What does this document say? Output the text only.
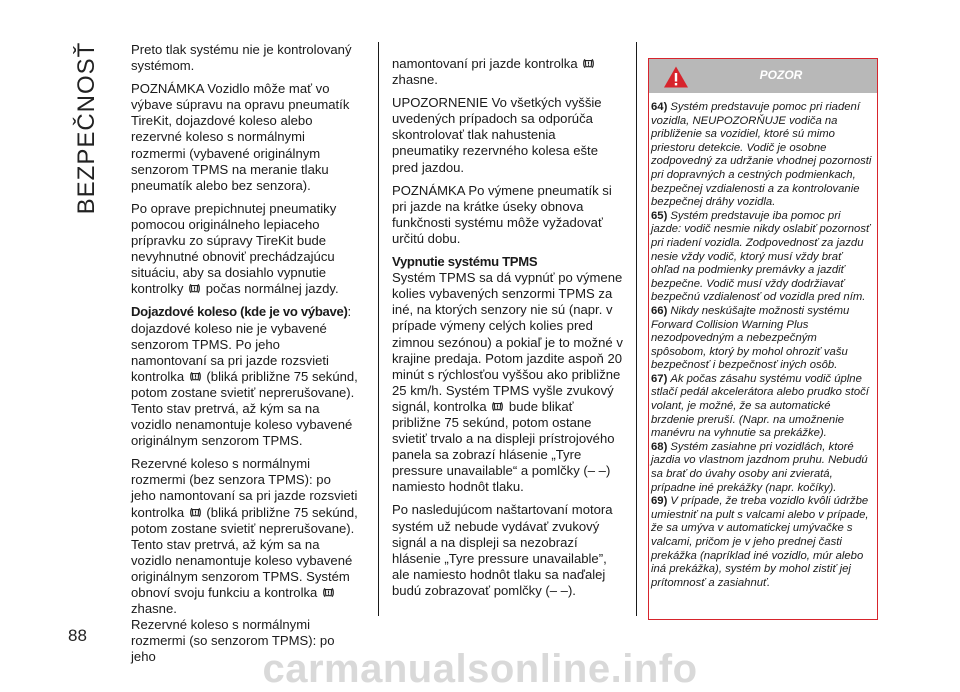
BEZPEČNOSŤ
88

Preto tlak systému nie je kontrolovaný systémom.

POZNÁMKA Vozidlo môže mať vo výbave súpravu na opravu pneumatík TireKit, dojazdové koleso alebo rezervné koleso s normálnymi rozmermi (vybavené originálnym senzorom TPMS na meranie tlaku pneumatík alebo bez senzora).

Po oprave prepichnutej pneumatiky pomocou originálneho lepiaceho prípravku zo súpravy TireKit bude nevyhnutné obnoviť prechádzajúcu situáciu, aby sa dosiahlo vypnutie kontrolky počas normálnej jazdy.

Dojazdové koleso (kde je vo výbave): dojazdové koleso nie je vybavené senzorom TPMS. Po jeho namontovaní sa pri jazde rozsvieti kontrolka (bliká približne 75 sekúnd, potom zostane svietiť neprerušovane).

Tento stav pretrvá, až kým sa na vozidlo nenamontuje koleso vybavené originálnym senzorom TPMS.

Rezervné koleso s normálnymi rozmermi (bez senzora TPMS): po jeho namontovaní sa pri jazde rozsvieti kontrolka (bliká približne 75 sekúnd, potom zostane svietiť neprerušovane).

Tento stav pretrvá, až kým sa na vozidlo nenamontuje koleso vybavené originálnym senzorom TPMS. Systém obnoví svoju funkciu a kontrolka
zhasne.

Rezervné koleso s normálnymi rozmermi (so senzorom TPMS): po jeho

namontovaní pri jazde kontrolka
zhasne.

UPOZORNENIE Vo všetkých vyššie uvedených prípadoch sa odporúča skontrolovať tlak nahustenia pneumatiky rezervného kolesa ešte pred jazdou.

POZNÁMKA Po výmene pneumatík si pri jazde na krátke úseky obnova funkčnosti systému môže vyžadovať určitú dobu.

Vypnutie systému TPMS

Systém TPMS sa dá vypnúť po výmene kolies vybavených senzormi TPMS za iné, na ktorých senzory nie sú (napr. v prípade výmeny celých kolies pred zimnou sezónou) a pokiaľ je to možné v krajine predaja. Potom jazdite aspoň 20 minút s rýchlosťou vyššou ako približne 25 km/h. Systém TPMS vyšle zvukový signál, kontrolka bude blikať približne 75 sekúnd, potom ostane svietiť trvalo a na displeji prístrojového panela sa zobrazí hlásenie „Tyre pressure unavailable“ a pomlčky (– –) namiesto hodnôt tlaku.

Po nasledujúcom naštartovaní motora systém už nebude vydávať zvukový signál a na displeji sa nezobrazí hlásenie „Tyre pressure unavailable”, ale namiesto hodnôt tlaku sa naďalej budú zobrazovať pomlčky (– –).

POZOR

64) Systém predstavuje pomoc pri riadení vozidla, NEUPOZORŇUJE vodiča na približenie sa vozidiel, ktoré sú mimo priestoru detekcie. Vodič je osobne zodpovedný za udržanie vhodnej pozornosti pri dopravných a cestných podmienkach, bezpečnej vzdialenosti a za kontrolovanie bezpečnej dráhy vozidla.

65) Systém predstavuje iba pomoc pri jazde: vodič nesmie nikdy oslabiť pozornosť pri riadení vozidla. Zodpovednosť za jazdu nesie vždy vodič, ktorý musí vždy brať ohľad na podmienky premávky a jazdiť bezpečne. Vodič musí vždy dodržiavať bezpečnú vzdialenosť od vozidla pred ním.

66) Nikdy neskúšajte možnosti systému Forward Collision Warning Plus nezodpovedným a nebezpečným spôsobom, ktorý by mohol ohroziť vašu bezpečnosť i bezpečnosť iných osôb.

67) Ak počas zásahu systému vodič úplne stlačí pedál akcelerátora alebo prudko stočí volant, je možné, že sa automatické brzdenie preruší. (Napr. na umožnenie manévru na vyhnutie sa prekážke).

68) Systém zasiahne pri vozidlách, ktoré jazdia vo vlastnom jazdnom pruhu. Nebudú sa brať do úvahy osoby ani zvieratá, prípadne iné prekážky (napr. kočíky).

69) V prípade, že treba vozidlo kvôli údržbe umiestniť na pult s valcami alebo v prípade, že sa umýva v automatickej umývačke s valcami, pričom je v jeho prednej časti prekážka (napríklad iné vozidlo, múr alebo iná prekážka), systém by mohol zistiť jej prítomnosť a zasiahnuť.

carmanualsonline.info
